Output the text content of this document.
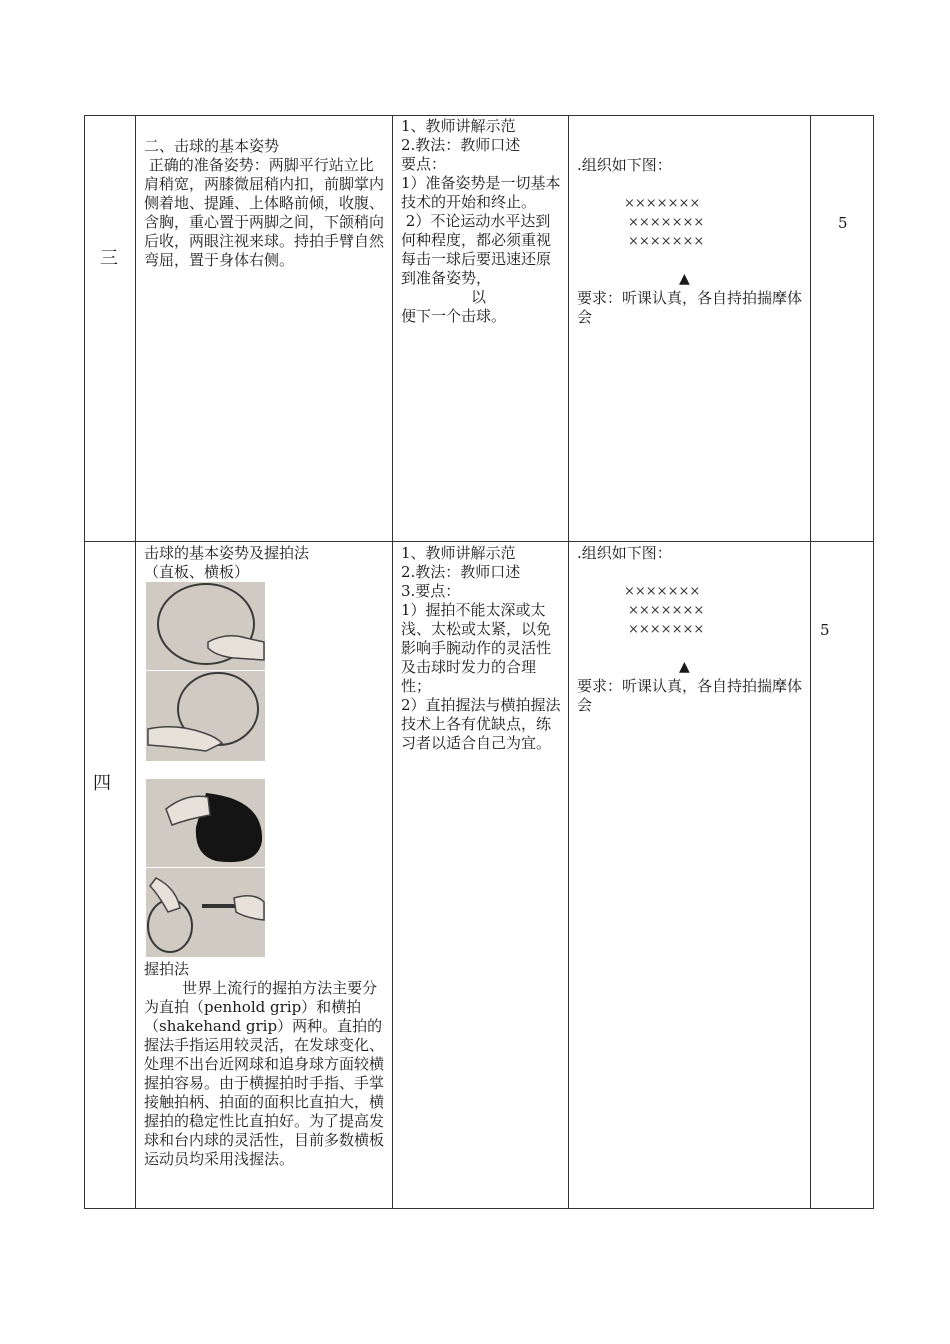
三

二、击球的基本姿势

正确的准备姿势：两脚平行站立比肩稍宽，两膝微屈稍内扣，前脚掌内侧着地、提踵、上体略前倾，收腹、含胸，重心置于两脚之间，下颌稍向后收，两眼注视来球。持拍手臂自然弯屈，置于身体右侧。

1、教师讲解示范

2.教法：教师口述

要点：

1）准备姿势是一切基本技术的开始和终止。

2）不论运动水平达到何种程度，都必须重视每击一球后要迅速还原到准备姿势，

以

便下一个击球。

.组织如下图：

×××××××

×××××××

×××××××

▲

要求：听课认真，各自持拍揣摩体会

5
四

击球的基本姿势及握拍法

（直板、横板）

握拍法

世界上流行的握拍方法主要分为直拍（penhold grip）和横拍（shakehand grip）两种。直拍的握法手指运用较灵活，在发球变化、处理不出台近网球和追身球方面较横握拍容易。由于横握拍时手指、手掌接触拍柄、拍面的面积比直拍大，横握拍的稳定性比直拍好。为了提高发球和台内球的灵活性，目前多数横板运动员均采用浅握法。

1、教师讲解示范

2.教法：教师口述

3.要点：

1）握拍不能太深或太浅、太松或太紧，以免影响手腕动作的灵活性及击球时发力的合理性；

2）直拍握法与横拍握法技术上各有优缺点，练习者以适合自己为宜。

.组织如下图：

×××××××

×××××××

×××××××

▲

要求：听课认真，各自持拍揣摩体会

5
